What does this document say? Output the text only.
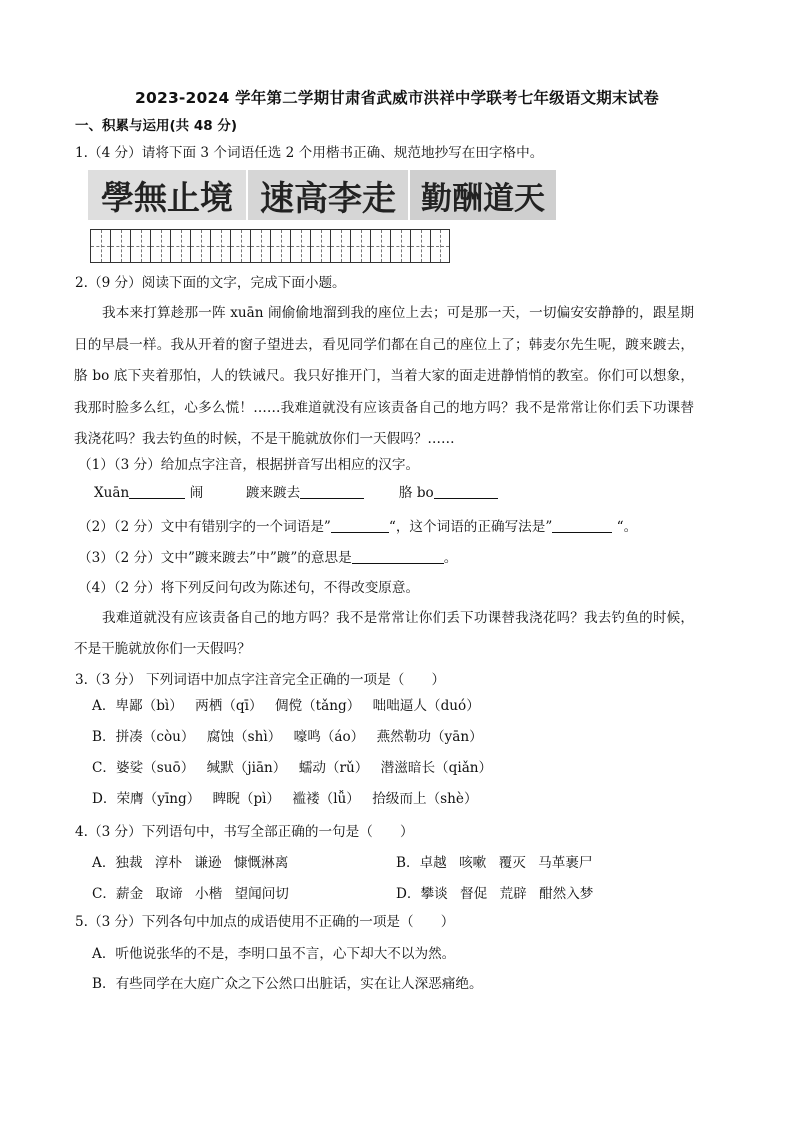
2023-2024 学年第二学期甘肃省武威市洪祥中学联考七年级语文期末试卷
一、积累与运用(共 48 分)
1.（4 分）请将下面 3 个词语任选 2 个用楷书正确、规范地抄写在田字格中。
學無止境 速高李走 勤酬道天
2.（9 分）阅读下面的文字，完成下面小题。
我本来打算趁那一阵 xuān 闹偷偷地溜到我的座位上去；可是那一天，一切偏安安静静的，跟星期日的早晨一样。我从开着的窗子望进去，看见同学们都在自己的座位上了；韩麦尔先生呢，踱来踱去，胳 bo 底下夹着那怕，人的铁诫尺。我只好推开门，当着大家的面走进静悄悄的教室。你们可以想象，我那时脸多么红，心多么慌！……我难道就没有应该责备自己的地方吗？我不是常常让你们丢下功课替我浇花吗？我去钓鱼的时候，不是干脆就放你们一天假吗？……
（1）（3 分）给加点字注音，根据拼音写出相应的汉字。
Xuān	闹	踱来踱去	胳 bo
（2）（2 分）文中有错别字的一个词语是”	“，这个词语的正确写法是”	“。
（3）（2 分）文中”踱来踱去”中”踱”的意思是	。
（4）（2 分）将下列反问句改为陈述句，不得改变原意。
我难道就没有应该责备自己的地方吗？我不是常常让你们丢下功课替我浇花吗？我去钓鱼的时候，不是干脆就放你们一天假吗？
3.（3 分） 下列词语中加点字注音完全正确的一项是（　　）
A．卑鄙（bì） 两栖（qī） 倜傥（tǎng） 咄咄逼人（duó）
B．拼凑（còu） 腐蚀（shì） 嚎鸣（áo） 燕然勒功（yān）
C．婆娑（suō） 缄默（jiān） 蠕动（rǔ） 潜滋暗长（qiǎn）
D．荣膺（yīng） 睥睨（pì） 褴褛（lǚ） 拾级而上（shè）
4.（3 分）下列语句中，书写全部正确的一句是（　　）
A．独裁 淳朴 谦逊 慷慨淋离	B．卓越 咳嗽 覆灭 马革裹尸
C．薪金 取谛 小楷 望闻问切	D．攀谈 督促 荒辟 酣然入梦
5.（3 分）下列各句中加点的成语使用不正确的一项是（　　）
A．听他说张华的不是，李明口虽不言，心下却大不以为然。
B．有些同学在大庭广众之下公然口出脏话，实在让人深恶痛绝。
